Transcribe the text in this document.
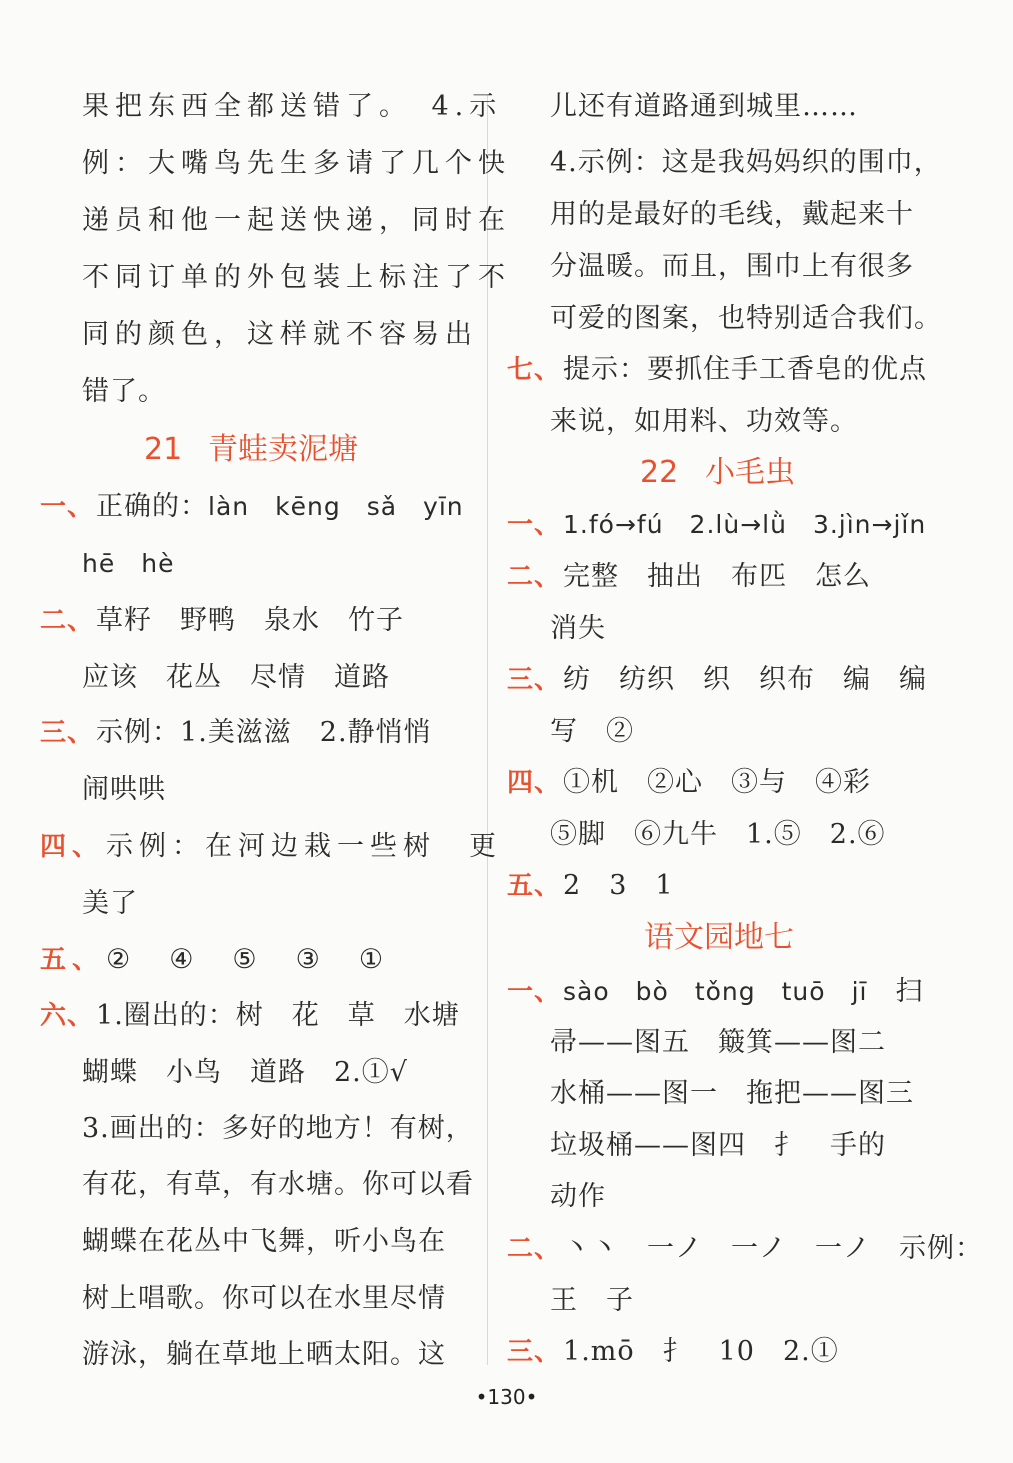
果把东西全都送错了。　4.示
例：大嘴鸟先生多请了几个快
递员和他一起送快递，同时在
不同订单的外包装上标注了不
同的颜色，这样就不容易出
错了。
21 青蛙卖泥塘
一、正确的：làn　kēng　sǎ　yīn
hē　hè
二、草籽　野鸭　泉水　竹子
应该　花丛　尽情　道路
三、示例：1.美滋滋　2.静悄悄
闹哄哄
四、示例：在河边栽一些树　更
美了
五、②　④　⑤　③　①
六、1.圈出的：树　花　草　水塘
蝴蝶　小鸟　道路　2.①√
3.画出的：多好的地方！有树，
有花，有草，有水塘。你可以看
蝴蝶在花丛中飞舞，听小鸟在
树上唱歌。你可以在水里尽情
游泳，躺在草地上晒太阳。这
儿还有道路通到城里……
4.示例：这是我妈妈织的围巾，
用的是最好的毛线，戴起来十
分温暖。而且，围巾上有很多
可爱的图案，也特别适合我们。
七、提示：要抓住手工香皂的优点
来说，如用料、功效等。
22 小毛虫
一、1.fó→fú　2.lù→lǜ　3.jìn→jǐn
二、完整　抽出　布匹　怎么
消失
三、纺　纺织　织　织布　编　编
写　②
四、①机　②心　③与　④彩
⑤脚　⑥九牛　1.⑤　2.⑥
五、2　3　1
语文园地七
一、sào　bò　tǒng　tuō　jī　 扫
帚——图五　簸箕——图二
水桶——图一　拖把——图三
垃圾桶——图四　扌　手的
动作
二、丶丶　一ノ　一ノ　一ノ　示例：
王　子
三、1.mō　扌　10　2.①
•130•
